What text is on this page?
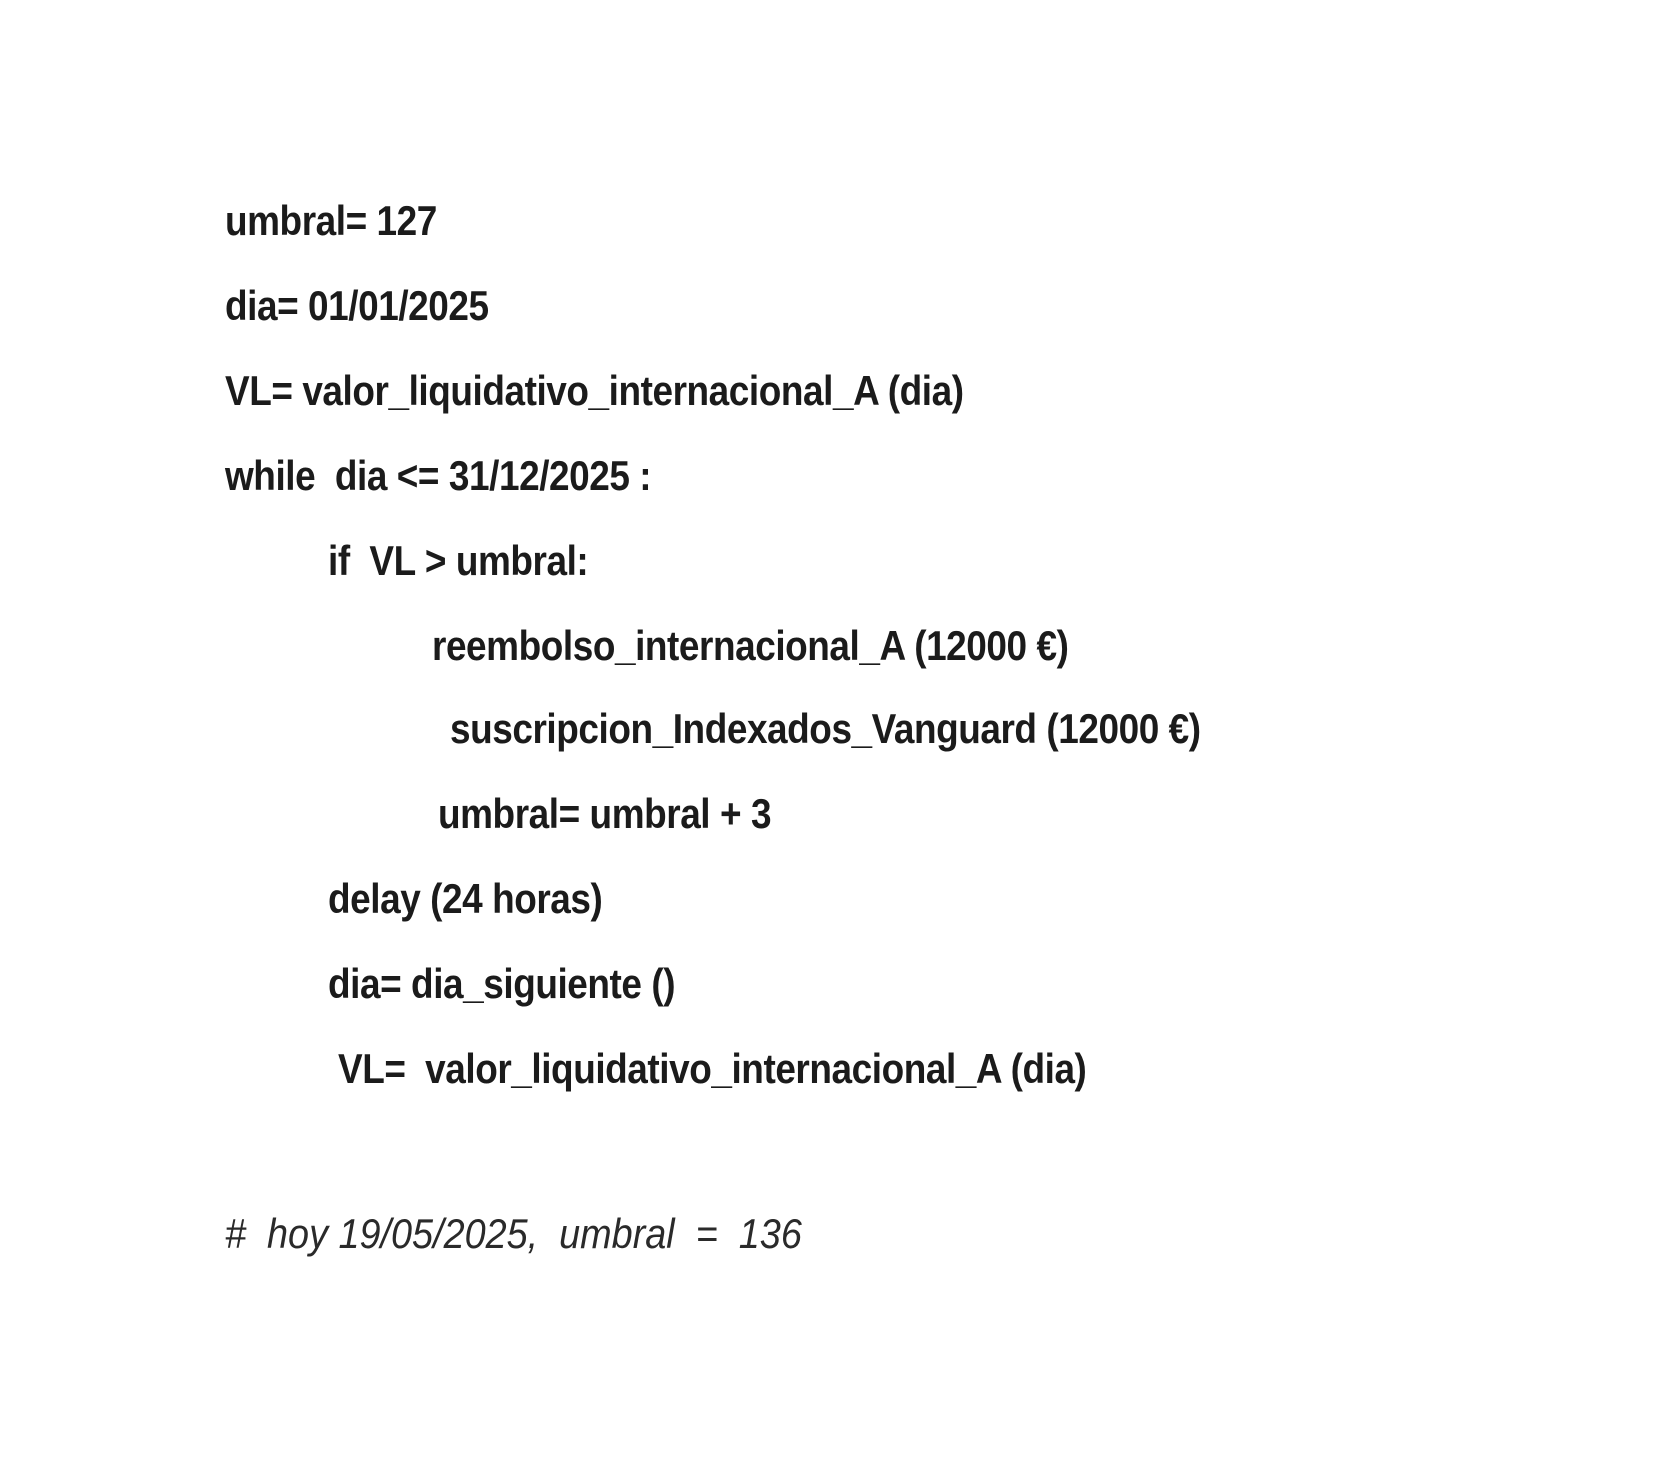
umbral= 127
dia= 01/01/2025
VL= valor_liquidativo_internacional_A (dia)
while  dia <= 31/12/2025 :
if  VL > umbral:
reembolso_internacional_A (12000 €)
suscripcion_Indexados_Vanguard (12000 €)
umbral= umbral + 3
delay (24 horas)
dia= dia_siguiente ()
VL=  valor_liquidativo_internacional_A (dia)
#  hoy 19/05/2025,  umbral  =  136
